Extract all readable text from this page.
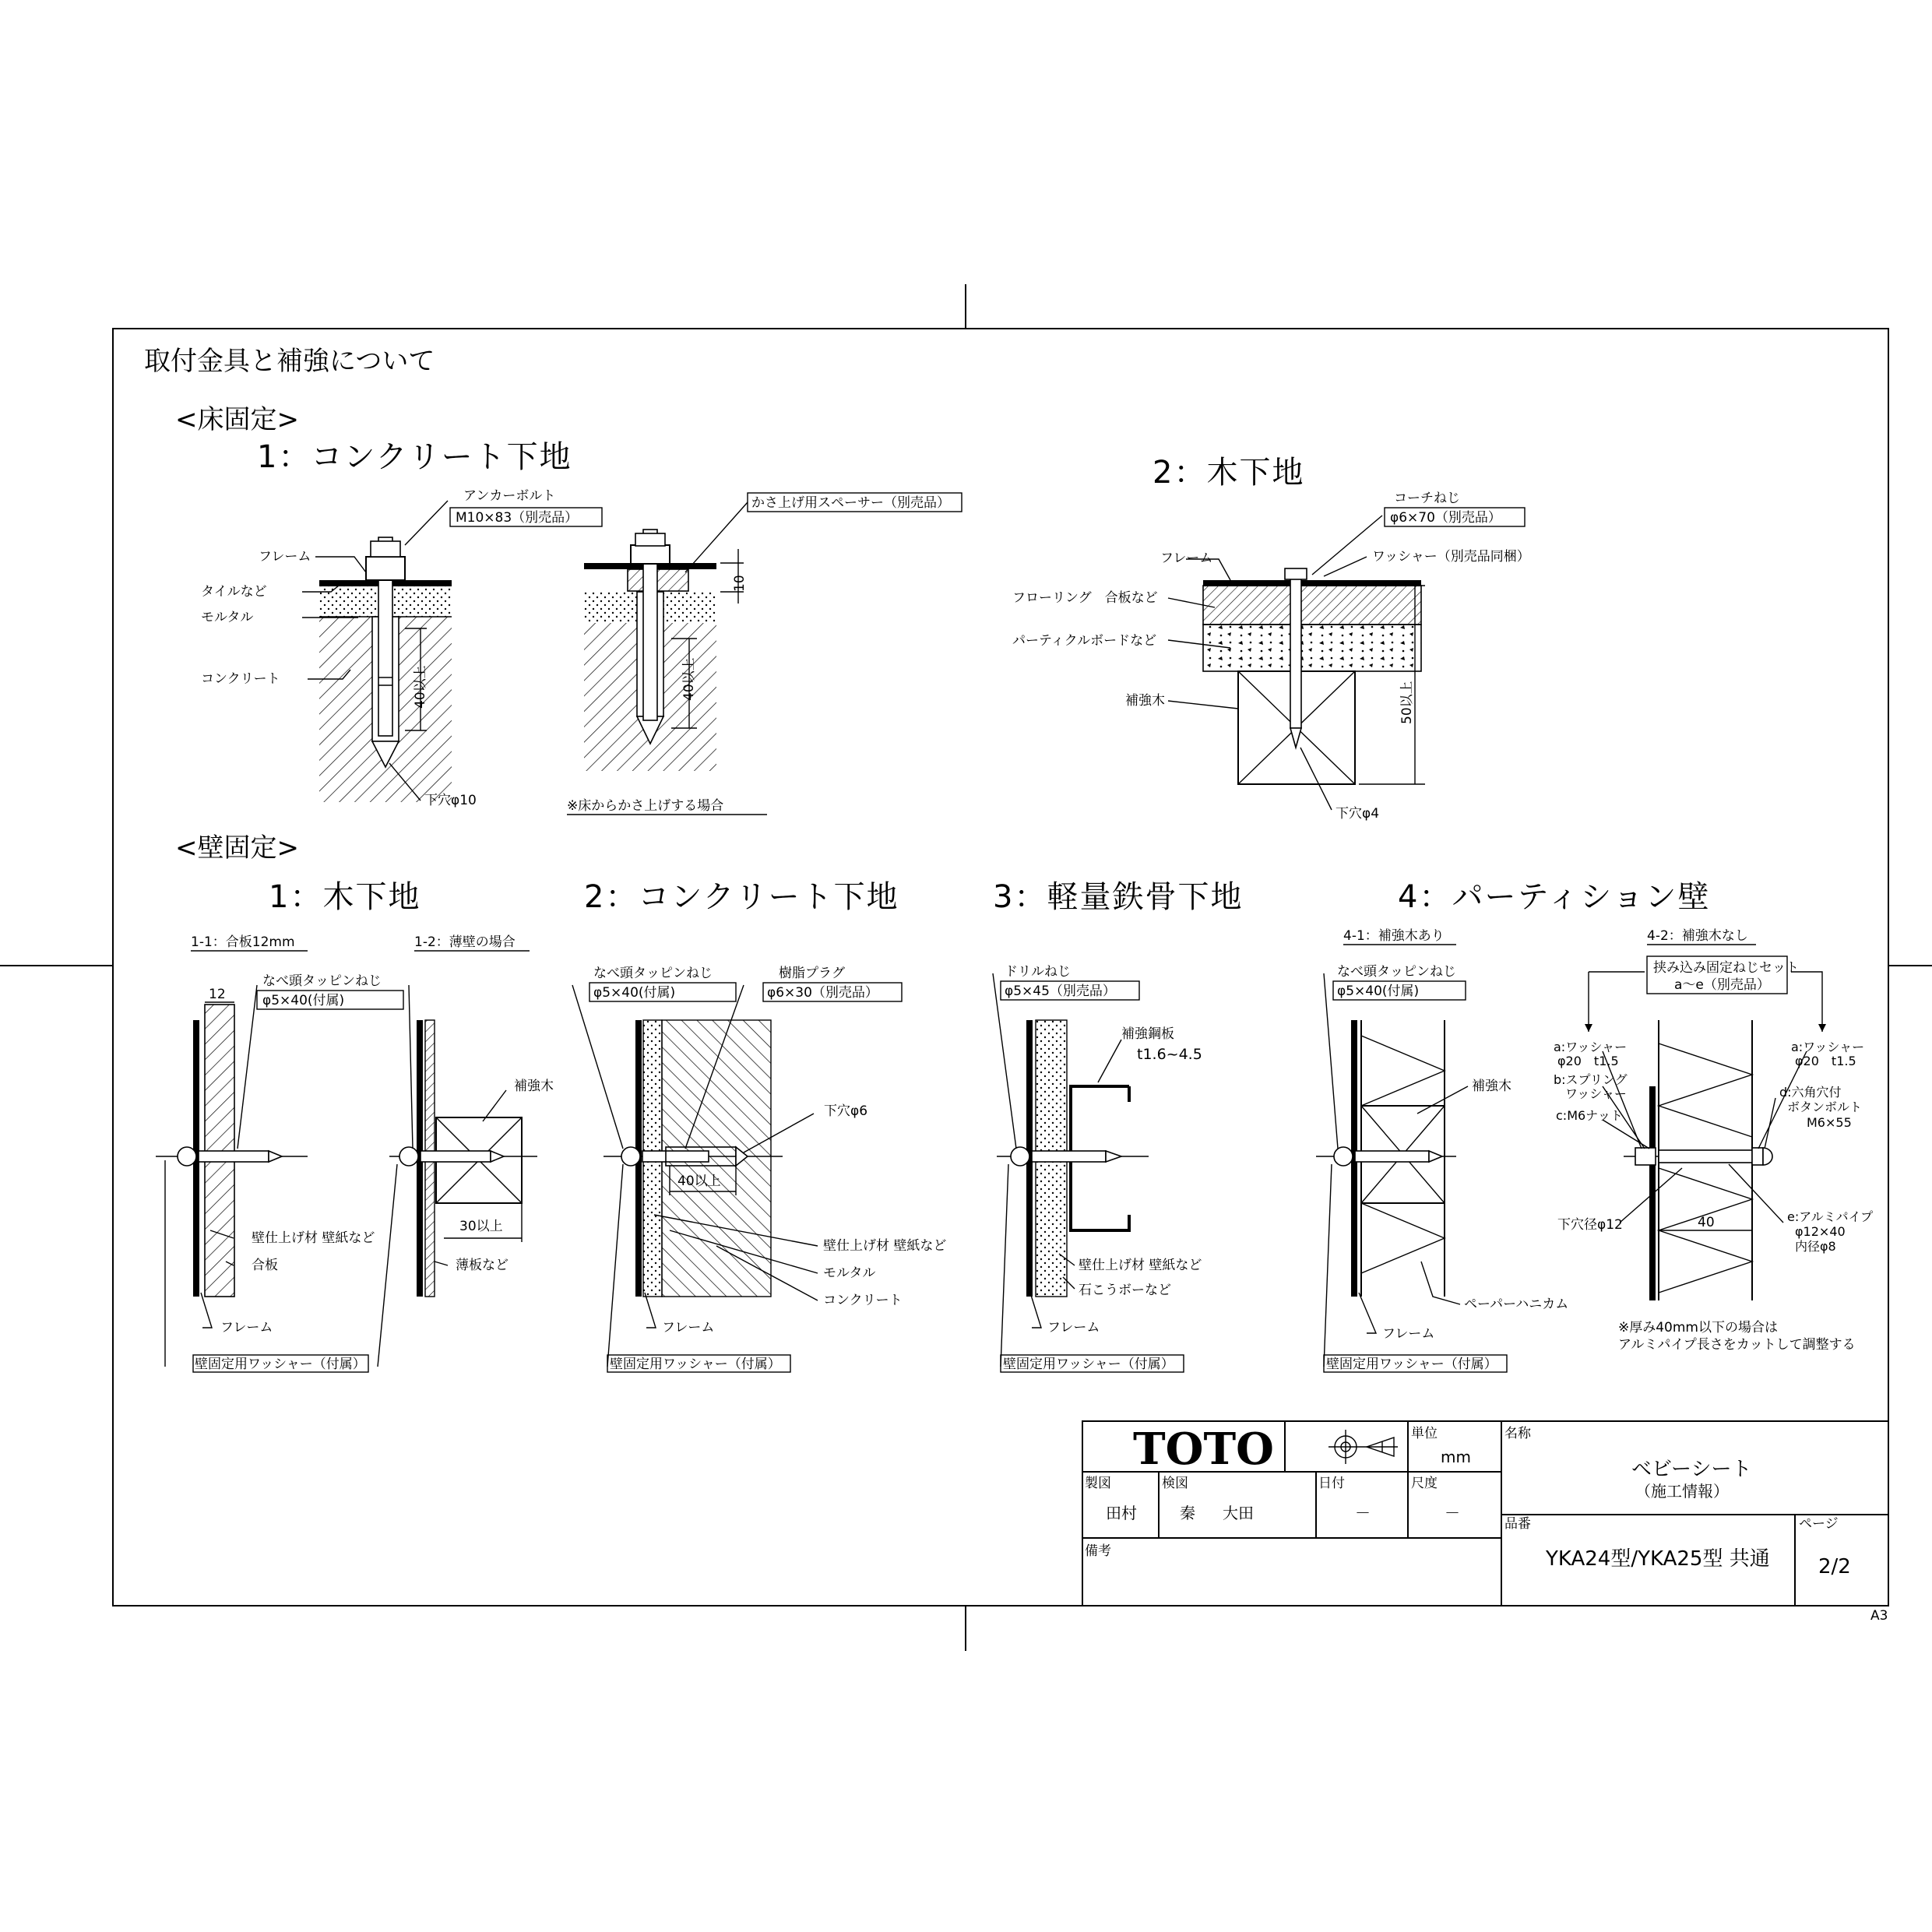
取付金具と補強について
<床固定>
1：コンクリート下地	2：木下地
40以上
アンカーボルト
M10×83（別売品）
フレーム
タイルなど
モルタル
コンクリート
下穴φ10
40以上
10
かさ上げ用スペーサー（別売品）
※床からかさ上げする場合
50以上
コーチねじ
φ6×70（別売品）
ワッシャー（別売品同梱）
フレーム
フローリング　合板など
パーティクルボードなど
補強木
下穴φ4
<壁固定>
1：木下地	2：コンクリート下地	3：軽量鉄骨下地	4：パーティション壁
1-1：合板12mm
12
なべ頭タッピンねじ
φ5×40(付属)
壁仕上げ材 壁紙など
合板
フレーム
壁固定用ワッシャー（付属）
1-2：薄壁の場合
補強木
30以上
薄板など
なべ頭タッピンねじ
φ5×40(付属)
樹脂プラグ
φ6×30（別売品）
下穴φ6
40以上
壁仕上げ材 壁紙など
モルタル
コンクリート
フレーム
壁固定用ワッシャー（付属）
ドリルねじ
φ5×45（別売品）
補強鋼板
t1.6~4.5
壁仕上げ材 壁紙など
石こうボーなど
フレーム
壁固定用ワッシャー（付属）
4-1：補強木あり
なべ頭タッピンねじ
φ5×40(付属)
補強木
ペーパーハニカム
フレーム
壁固定用ワッシャー（付属）
4-2：補強木なし
挟み込み固定ねじセット
a～e（別売品）
a:ワッシャー
φ20　t1.5
b:スプリング
ワッシャー
c:M6ナット
a:ワッシャー
φ20　t1.5
d:六角穴付
ボタンボルト
M6×55
下穴径φ12
e:アルミパイプ
φ12×40
内径φ8
40
※厚み40mm以下の場合は
アルミパイプ長さをカットして調整する
TOTO	単位
mm
名称
ベビーシート
（施工情報）
製図
田村
検図
秦 大田
日付
－
尺度
－
品番
YKA24型/YKA25型 共通
ページ
2/2
備考
A3
